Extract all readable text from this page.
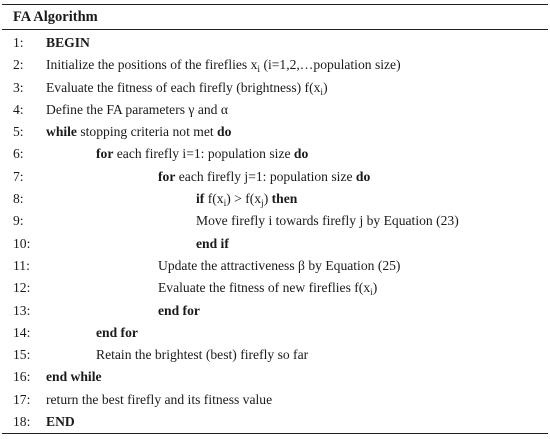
FA Algorithm
1: BEGIN
2: Initialize the positions of the fireflies $x_i$ (i=1,2,…population size)
3: Evaluate the fitness of each firefly (brightness) $f(x_i)$
4: Define the FA parameters γ and α
5: while stopping criteria not met do
6:	for each firefly i=1: population size do
7:	for each firefly j=1: population size do
8:	if $f(x_i) > f(x_j)$ then
9:	Move firefly i towards firefly j by Equation (23)
10:	end if
11:	Update the attractiveness β by Equation (25)
12:	Evaluate the fitness of new fireflies $f(x_i)$
13:	end for
14:	end for
15:	Retain the brightest (best) firefly so far
16: end while
17: return the best firefly and its fitness value
18: END
